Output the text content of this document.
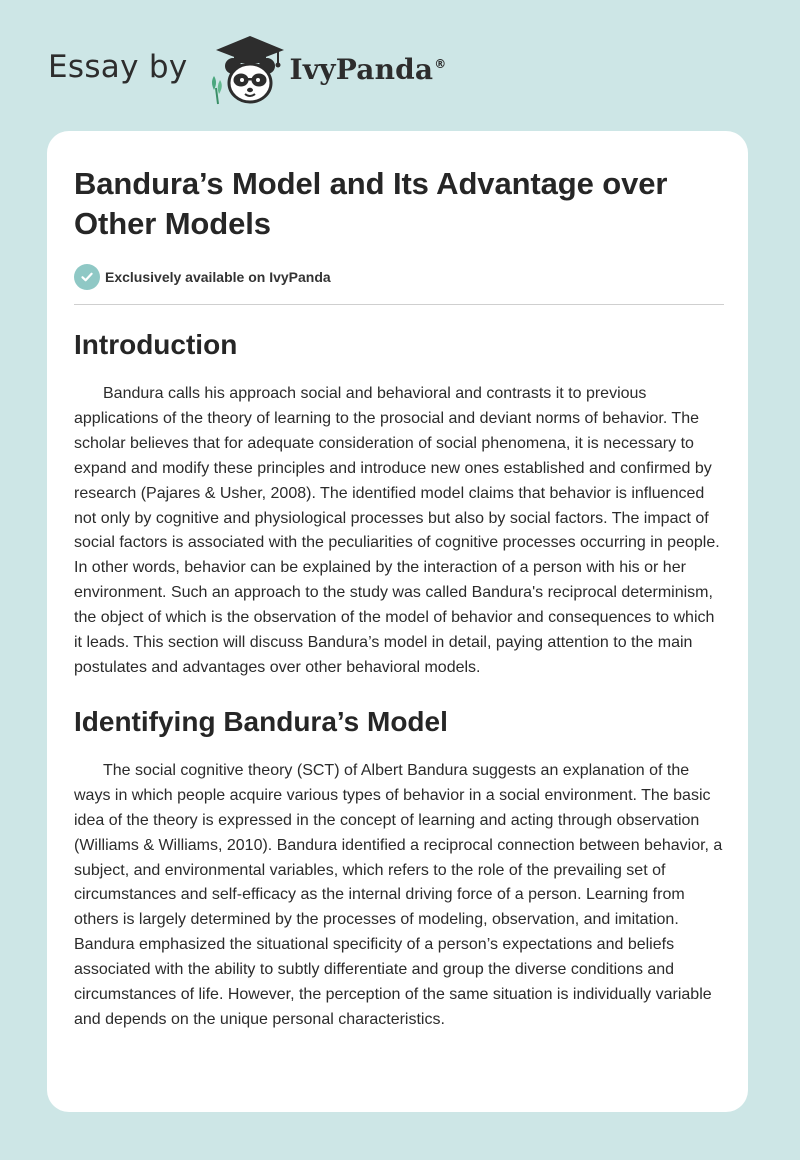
Essay by	IvyPanda®
Bandura’s Model and Its Advantage over Other Models
Exclusively available on IvyPanda
Introduction

Bandura calls his approach social and behavioral and contrasts it to previous applications of the theory of learning to the prosocial and deviant norms of behavior. The scholar believes that for adequate consideration of social phenomena, it is necessary to expand and modify these principles and introduce new ones established and confirmed by research (Pajares & Usher, 2008). The identified model claims that behavior is influenced not only by cognitive and physiological processes but also by social factors. The impact of social factors is associated with the peculiarities of cognitive processes occurring in people. In other words, behavior can be explained by the interaction of a person with his or her environment. Such an approach to the study was called Bandura's reciprocal determinism, the object of which is the observation of the model of behavior and consequences to which it leads. This section will discuss Bandura’s model in detail, paying attention to the main postulates and advantages over other behavioral models.

Identifying Bandura’s Model

The social cognitive theory (SCT) of Albert Bandura suggests an explanation of the ways in which people acquire various types of behavior in a social environment. The basic idea of the theory is expressed in the concept of learning and acting through observation (Williams & Williams, 2010). Bandura identified a reciprocal connection between behavior, a subject, and environmental variables, which refers to the role of the prevailing set of circumstances and self-efficacy as the internal driving force of a person. Learning from others is largely determined by the processes of modeling, observation, and imitation. Bandura emphasized the situational specificity of a person’s expectations and beliefs associated with the ability to subtly differentiate and group the diverse conditions and circumstances of life. However, the perception of the same situation is individually variable and depends on the unique personal characteristics.
